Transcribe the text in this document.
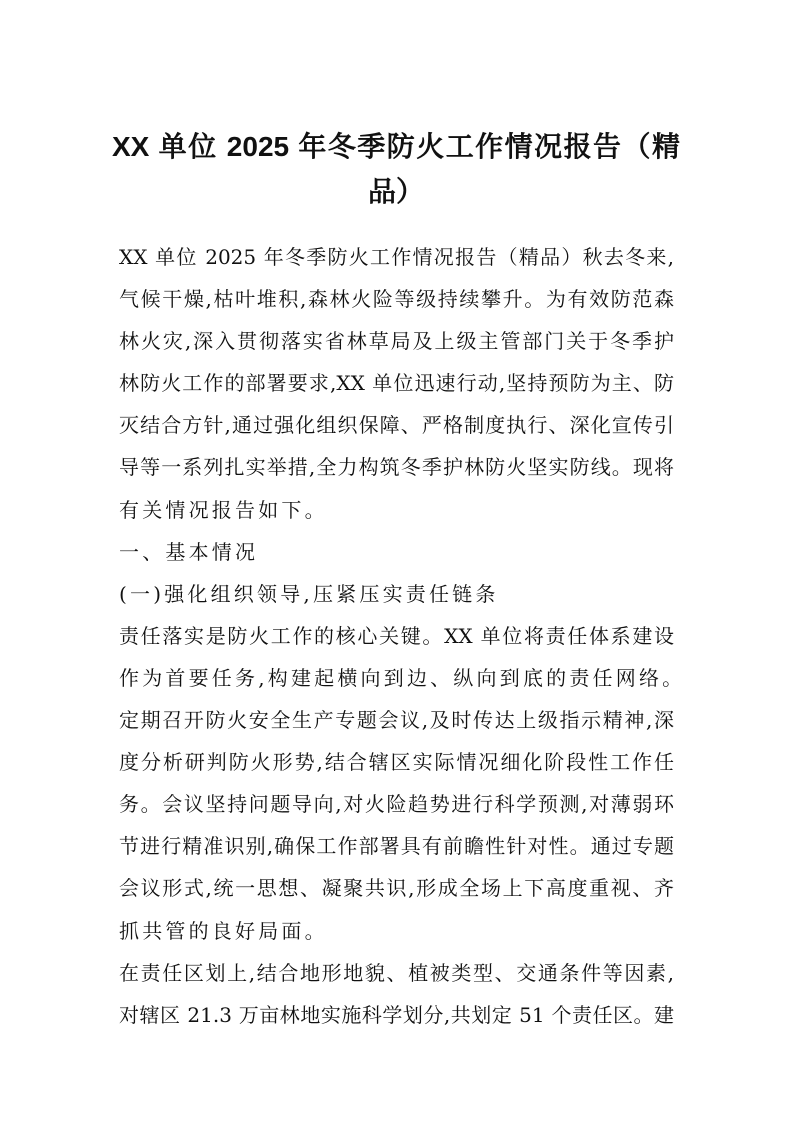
XX 单位 2025 年冬季防火工作情况报告（精
品）
XX 单位 2025 年冬季防火工作情况报告（精品）秋去冬来,
气候干燥,枯叶堆积,森林火险等级持续攀升。为有效防范森
林火灾,深入贯彻落实省林草局及上级主管部门关于冬季护
林防火工作的部署要求,XX 单位迅速行动,坚持预防为主、防
灭结合方针,通过强化组织保障、严格制度执行、深化宣传引
导等一系列扎实举措,全力构筑冬季护林防火坚实防线。现将
有关情况报告如下。
一、基本情况
(一)强化组织领导,压紧压实责任链条
责任落实是防火工作的核心关键。XX 单位将责任体系建设
作为首要任务,构建起横向到边、纵向到底的责任网络。
定期召开防火安全生产专题会议,及时传达上级指示精神,深
度分析研判防火形势,结合辖区实际情况细化阶段性工作任
务。会议坚持问题导向,对火险趋势进行科学预测,对薄弱环
节进行精准识别,确保工作部署具有前瞻性针对性。通过专题
会议形式,统一思想、凝聚共识,形成全场上下高度重视、齐
抓共管的良好局面。
在责任区划上,结合地形地貌、植被类型、交通条件等因素,
对辖区 21.3 万亩林地实施科学划分,共划定 51 个责任区。建
